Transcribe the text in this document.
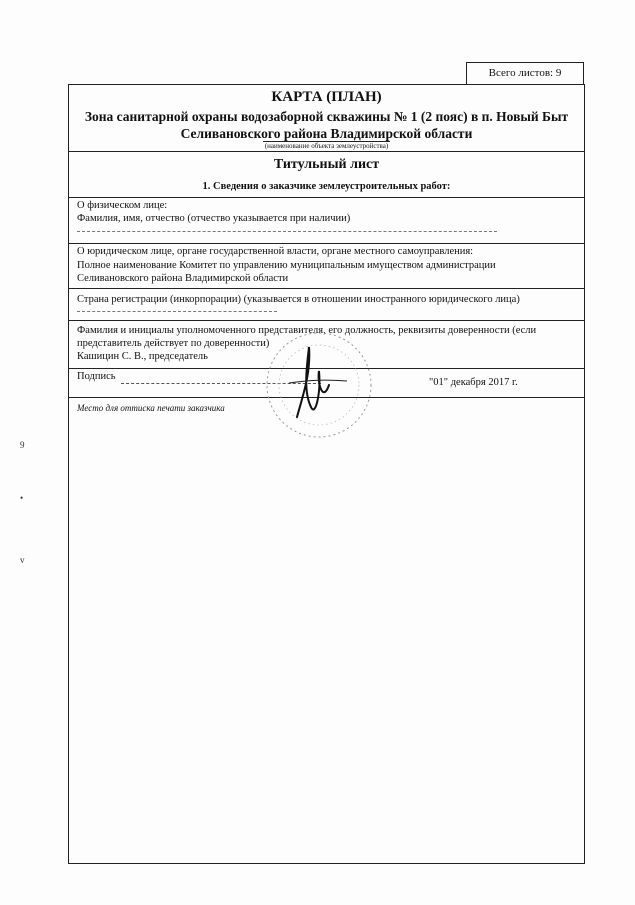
Всего листов: 9
КАРТА (ПЛАН)
Зона санитарной охраны водозаборной скважины № 1 (2 пояс) в п. Новый Быт Селивановского района Владимирской области
(наименование объекта землеустройства)
Титульный лист
1. Сведения о заказчике землеустроительных работ:
О физическом лице:
Фамилия, имя, отчество (отчество указывается при наличии)
О юридическом лице, органе государственной власти, органе местного самоуправления:
Полное наименование Комитет по управлению муниципальным имуществом администрации Селивановского района Владимирской области
Страна регистрации (инкорпорации) (указывается в отношении иностранного юридического лица)
Фамилия и инициалы уполномоченного представителя, его должность, реквизиты доверенности (если представитель действует по доверенности)
Кашицин С. В., председатель
Подпись
"01" декабря 2017 г.
Место для оттиска печати заказчика
9
•
v
